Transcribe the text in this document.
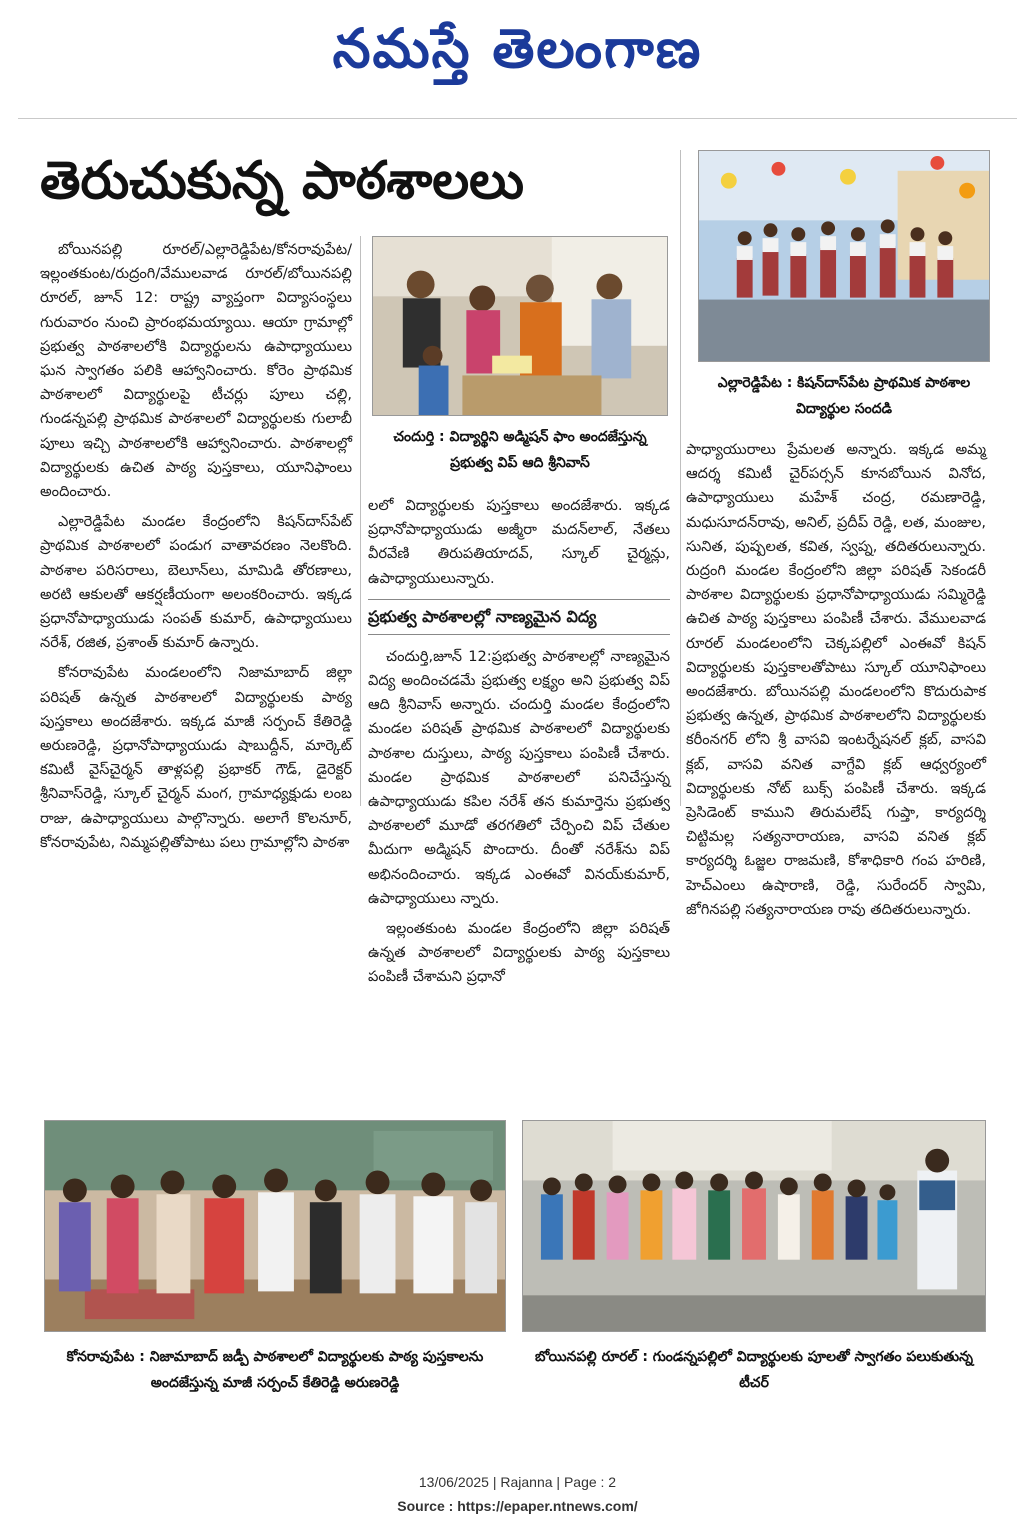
నమస్తే తెలంగాణ
తెరుచుకున్న పాఠశాలలు

బోయినపల్లి రూరల్/ఎల్లారెడ్డిపేట/కోనరావుపేట/ఇల్లంతకుంట/రుద్రంగి/వేములవాడ రూరల్/బోయినపల్లి రూరల్, జూన్ 12: రాష్ట్ర వ్యాప్తంగా విద్యాసంస్థలు గురువారం నుంచి ప్రారంభమయ్యాయి. ఆయా గ్రామాల్లో ప్రభుత్వ పాఠశాలలోకి విద్యార్థులను ఉపాధ్యాయులు ఘన స్వాగతం పలికి ఆహ్వానించారు. కోరెం ప్రాథమిక పాఠశాలలో విద్యార్థులపై టీచర్లు పూలు చల్లి, గుండన్నపల్లి ప్రాథమిక పాఠశాలలో విద్యార్థులకు గులాబీ పూలు ఇచ్చి పాఠశాలలోకి ఆహ్వానించారు. పాఠశాలల్లో విద్యార్థులకు ఉచిత పాఠ్య పుస్తకాలు, యూనిఫాంలు అందించారు.

ఎల్లారెడ్డిపేట మండల కేంద్రంలోని కిషన్‌దాస్‌పేట్ ప్రాథమిక పాఠశాలలో పండుగ వాతావరణం నెలకొంది. పాఠశాల పరిసరాలు, బెలూన్‌లు, మామిడి తోరణాలు, అరటి ఆకులతో ఆకర్షణీయంగా అలంకరించారు. ఇక్కడ ప్రధానోపాధ్యాయుడు సంపత్ కుమార్, ఉపాధ్యాయులు నరేశ్, రజిత, ప్రశాంత్ కుమార్ ఉన్నారు.

కోనరావుపేట మండలంలోని నిజామాబాద్ జిల్లా పరిషత్ ఉన్నత పాఠశాలలో విద్యార్థులకు పాఠ్య పుస్తకాలు అందజేశారు. ఇక్కడ మాజీ సర్పంచ్ కేతిరెడ్డి అరుణరెడ్డి, ప్రధానోపాధ్యాయుడు షాబుద్దీన్, మార్కెట్ కమిటీ వైస్‌చైర్మన్ తాళ్లపల్లి ప్రభాకర్ గౌడ్, డైరెక్టర్ శ్రీనివాస్‌రెడ్డి, స్కూల్ చైర్మన్ మంగ, గ్రామాధ్యక్షుడు లంబ రాజు, ఉపాధ్యాయులు పాల్గొన్నారు. అలాగే కొలనూర్, కోనరావుపేట, నిమ్మపల్లితోపాటు పలు గ్రామాల్లోని పాఠశా

చందుర్తి : విద్యార్థిని అడ్మిషన్ ఫాం అందజేస్తున్న ప్రభుత్వ విప్ ఆది శ్రీనివాస్

లలో విద్యార్థులకు పుస్తకాలు అందజేశారు. ఇక్కడ ప్రధానోపాధ్యాయుడు అజ్మీరా మదన్‌లాల్, నేతలు వీరవేణి తిరుపతియాదవ్, స్కూల్ చైర్మన్లు, ఉపాధ్యాయులున్నారు.

ప్రభుత్వ పాఠశాలల్లో నాణ్యమైన విద్య

చందుర్తి,జూన్ 12:ప్రభుత్వ పాఠశాలల్లో నాణ్యమైన విద్య అందించడమే ప్రభుత్వ లక్ష్యం అని ప్రభుత్వ విప్ ఆది శ్రీనివాస్ అన్నారు. చందుర్తి మండల కేంద్రంలోని మండల పరిషత్ ప్రాథమిక పాఠశాలలో విద్యార్థులకు పాఠశాల దుస్తులు, పాఠ్య పుస్తకాలు పంపిణీ చేశారు. మండల ప్రాథమిక పాఠశాలలో పనిచేస్తున్న ఉపాధ్యాయుడు కపిల నరేశ్ తన కుమార్తెను ప్రభుత్వ పాఠశాలలో మూడో తరగతిలో చేర్పించి విప్ చేతుల మీదుగా అడ్మిషన్ పొందారు. దీంతో నరేశ్‌ను విప్ అభినందించారు. ఇక్కడ ఎంఈవో వినయ్‌కుమార్, ఉపాధ్యాయులు న్నారు.

ఇల్లంతకుంట మండల కేంద్రంలోని జిల్లా పరిషత్ ఉన్నత పాఠశాలలో విద్యార్థులకు పాఠ్య పుస్తకాలు పంపిణీ చేశామని ప్రధానో

ఎల్లారెడ్డిపేట : కిషన్‌దాస్‌పేట ప్రాథమిక పాఠశాల విద్యార్థుల సందడి

పాధ్యాయురాలు ప్రేమలత అన్నారు. ఇక్కడ అమ్మ ఆదర్శ కమిటీ చైర్‌పర్సన్ కూనబోయిన వినోద, ఉపాధ్యాయులు మహేశ్ చంద్ర, రమణారెడ్డి, మధుసూదన్‌రావు, అనిల్, ప్రదీప్ రెడ్డి, లత, మంజుల, సునిత, పుష్పలత, కవిత, స్వప్న, తదితరులున్నారు. రుద్రంగి మండల కేంద్రంలోని జిల్లా పరిషత్ సెకండరీ పాఠశాల విద్యార్థులకు ప్రధానోపాధ్యాయుడు సమ్మిరెడ్డి ఉచిత పాఠ్య పుస్తకాలు పంపిణీ చేశారు. వేములవాడ రూరల్ మండలంలోని చెక్కపల్లిలో ఎంఈవో కిషన్ విద్యార్థులకు పుస్తకాలతోపాటు స్కూల్ యూనిఫాంలు అందజేశారు. బోయినపల్లి మండలంలోని కొదురుపాక ప్రభుత్వ ఉన్నత, ప్రాథమిక పాఠశాలలోని విద్యార్థులకు కరీంనగర్ లోని శ్రీ వాసవి ఇంటర్నేషనల్ క్లబ్, వాసవి క్లబ్, వాసవి వనిత వాగ్దేవి క్లబ్ ఆధ్వర్యంలో విద్యార్థులకు నోట్ బుక్స్ పంపిణీ చేశారు. ఇక్కడ ప్రెసిడెంట్ కాముని తిరుమలేష్ గుప్తా, కార్యదర్శి చిట్టిమల్ల సత్యనారాయణ, వాసవి వనిత క్లబ్ కార్యదర్శి ఓజ్జల రాజమణి, కోశాధికారి గంప హరిణి, హెచ్ఎంలు ఉషారాణి, రెడ్డి, సురేందర్ స్వామి, జోగినపల్లి సత్యనారాయణ రావు తదితరులున్నారు.

కోనరావుపేట : నిజామాబాద్ జడ్పీ పాఠశాలలో విద్యార్థులకు పాఠ్య పుస్తకాలను అందజేస్తున్న మాజీ సర్పంచ్ కేతిరెడ్డి అరుణరెడ్డి
బోయినపల్లి రూరల్ : గుండన్నపల్లిలో విద్యార్థులకు పూలతో స్వాగతం పలుకుతున్న టీచర్
13/06/2025 | Rajanna | Page : 2
Source : https://epaper.ntnews.com/
